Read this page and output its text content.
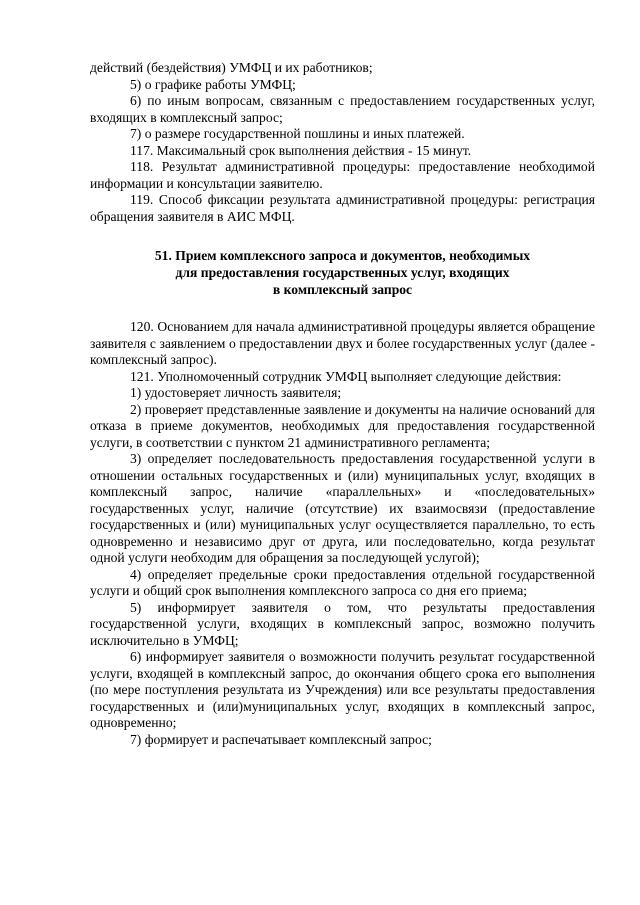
действий (бездействия) УМФЦ и их работников;

5) о графике работы УМФЦ;

6) по иным вопросам, связанным с предоставлением государственных услуг, входящих в комплексный запрос;

7) о размере государственной пошлины и иных платежей.

117. Максимальный срок выполнения действия - 15 минут.

118. Результат административной процедуры: предоставление необходимой информации и консультации заявителю.

119. Способ фиксации результата административной процедуры: регистрация обращения заявителя в АИС МФЦ.

51. Прием комплексного запроса и документов, необходимых
для предоставления государственных услуг, входящих
в комплексный запрос

120. Основанием для начала административной процедуры является обращение заявителя с заявлением о предоставлении двух и более государственных услуг (далее - комплексный запрос).

121. Уполномоченный сотрудник УМФЦ выполняет следующие действия:

1) удостоверяет личность заявителя;

2) проверяет представленные заявление и документы на наличие оснований для отказа в приеме документов, необходимых для предоставления государственной услуги, в соответствии с пунктом 21 административного регламента;

3) определяет последовательность предоставления государственной услуги в отношении остальных государственных и (или) муниципальных услуг, входящих в комплексный запрос, наличие «параллельных» и «последовательных» государственных услуг, наличие (отсутствие) их взаимосвязи (предоставление государственных и (или) муниципальных услуг осуществляется параллельно, то есть одновременно и независимо друг от друга, или последовательно, когда результат одной услуги необходим для обращения за последующей услугой);

4) определяет предельные сроки предоставления отдельной государственной услуги и общий срок выполнения комплексного запроса со дня его приема;

5) информирует заявителя о том, что результаты предоставления государственной услуги, входящих в комплексный запрос, возможно получить исключительно в УМФЦ;

6) информирует заявителя о возможности получить результат государственной услуги, входящей в комплексный запрос, до окончания общего срока его выполнения (по мере поступления результата из Учреждения) или все результаты предоставления государственных и (или)муниципальных услуг, входящих в комплексный запрос, одновременно;

7) формирует и распечатывает комплексный запрос;
